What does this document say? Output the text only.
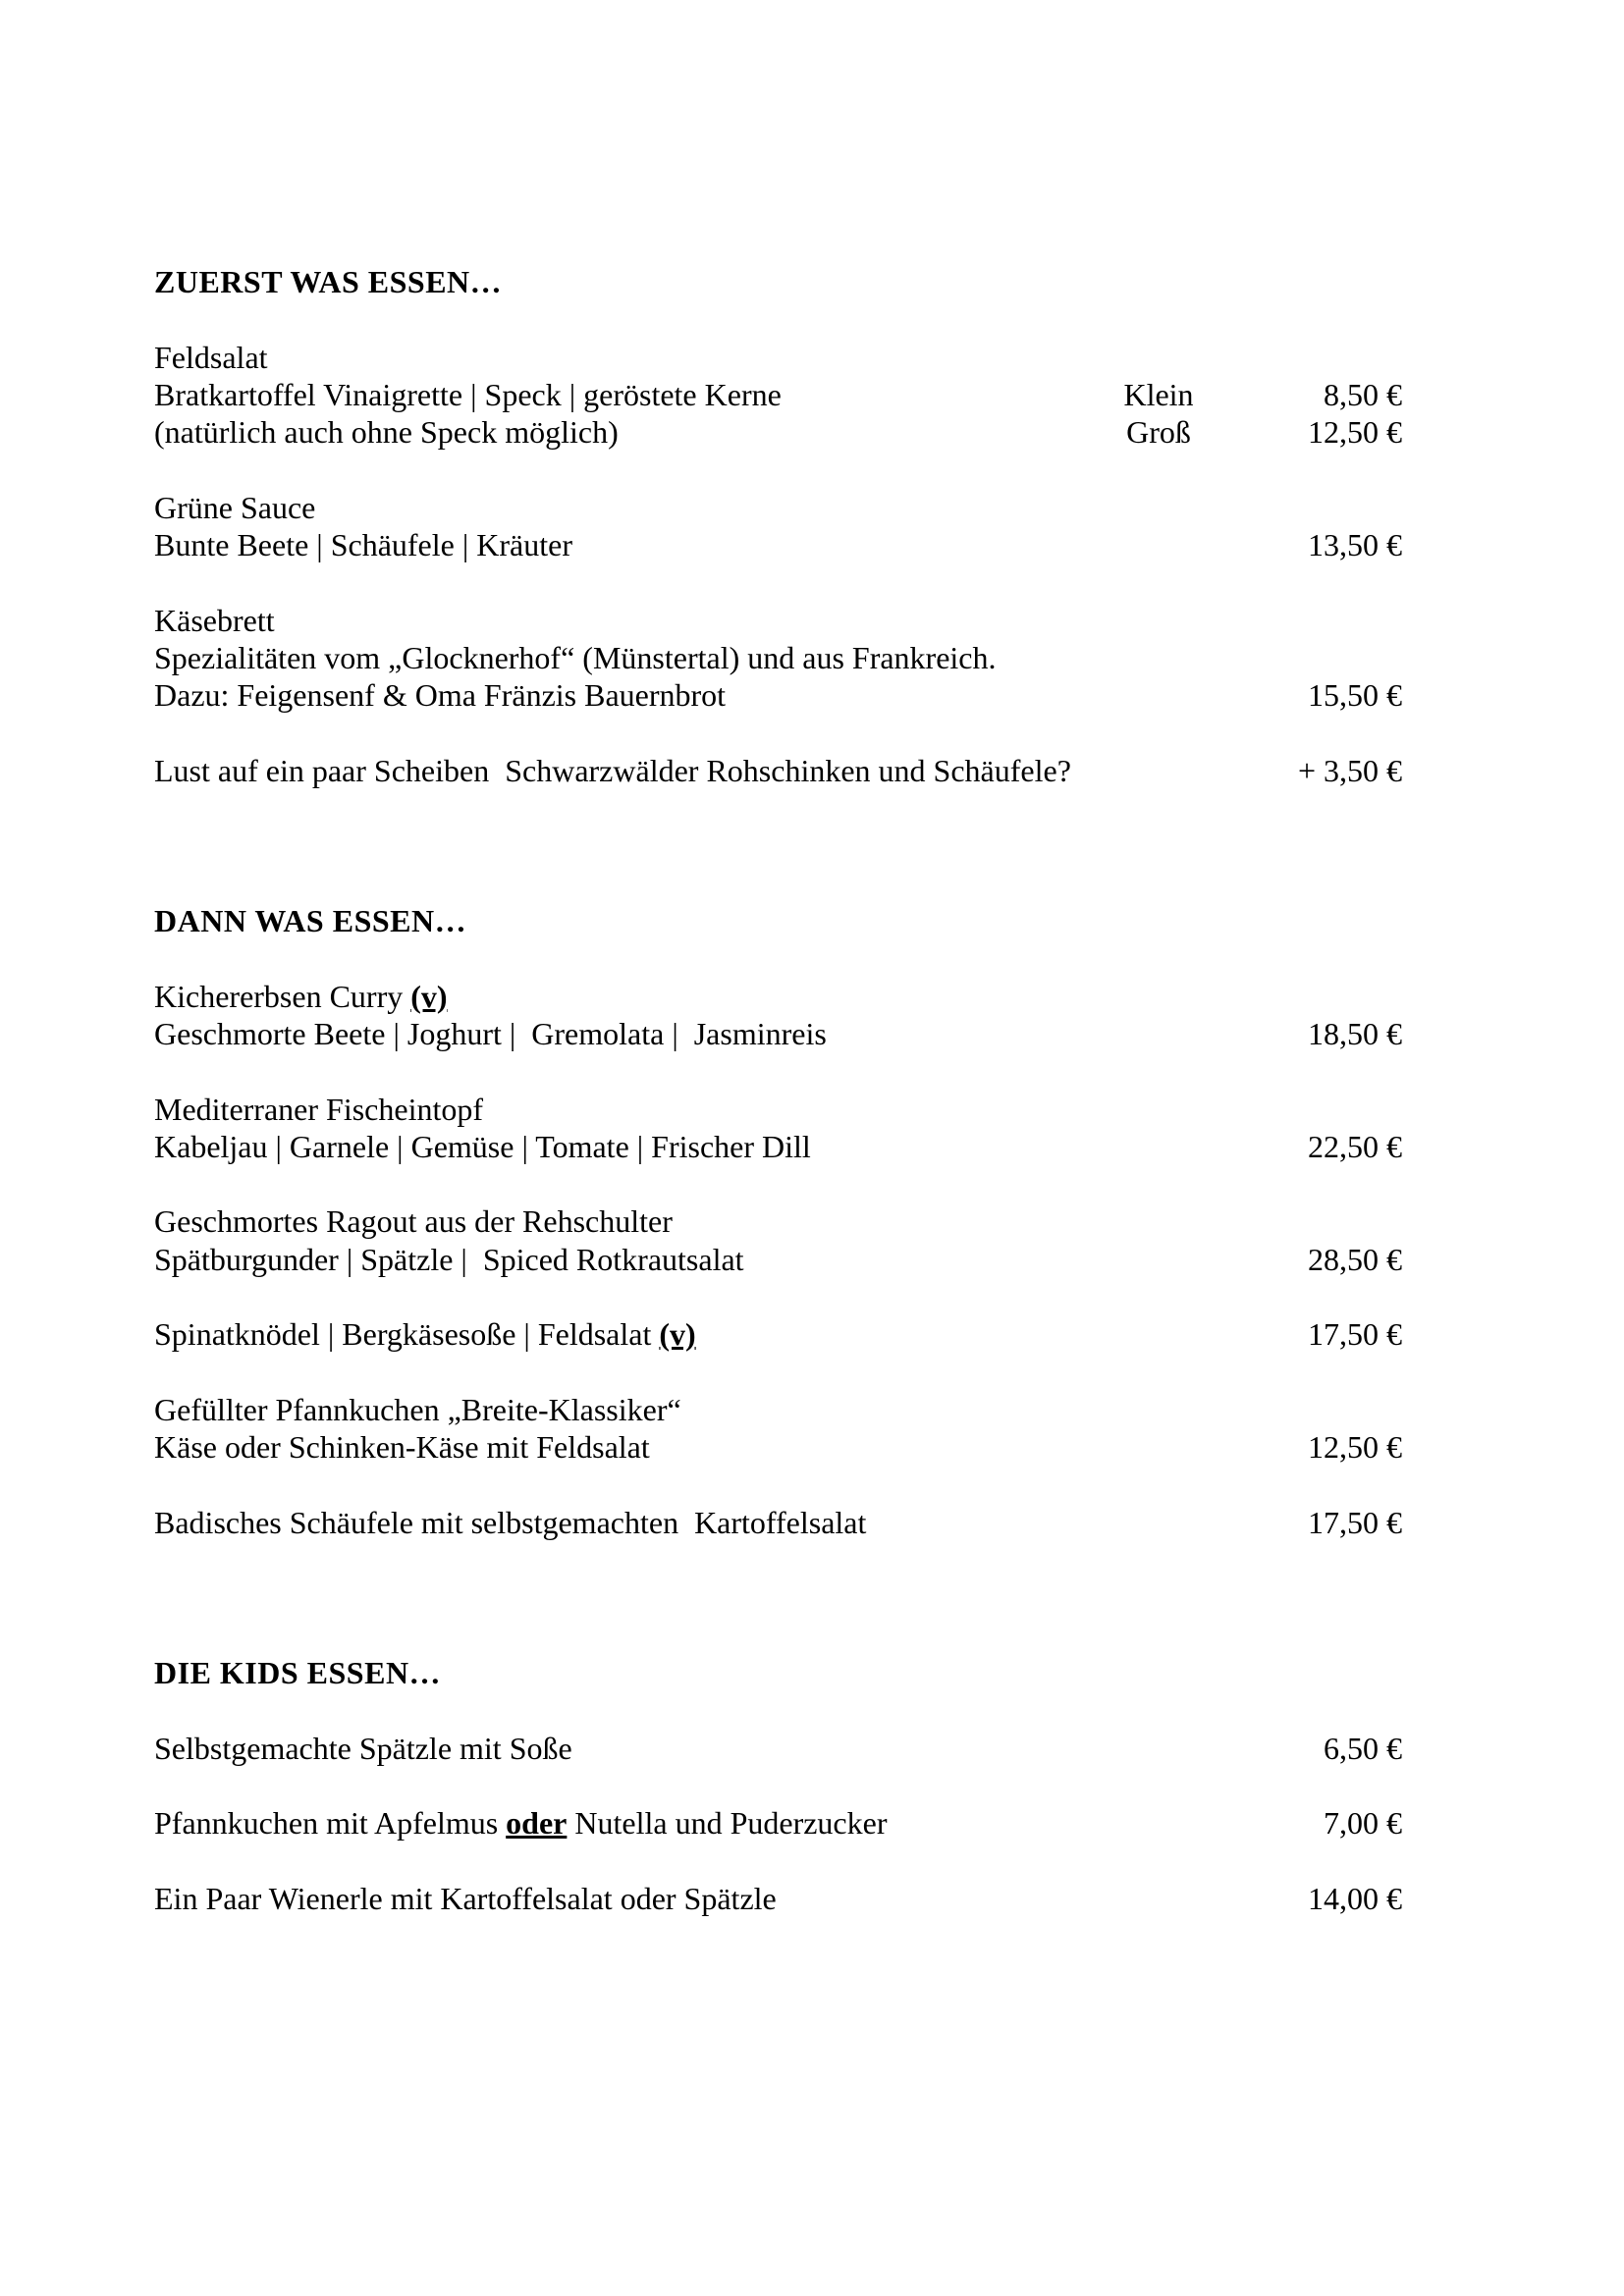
ZUERST WAS ESSEN…
Feldsalat
Bratkartoffel Vinaigrette | Speck | geröstete Kerne	Klein	8,50 €
(natürlich auch ohne Speck möglich)	Groß	12,50 €
Grüne Sauce
Bunte Beete | Schäufele | Kräuter	13,50 €
Käsebrett
Spezialitäten vom „Glocknerhof“ (Münstertal) und aus Frankreich.
Dazu: Feigensenf & Oma Fränzis Bauernbrot	15,50 €
Lust auf ein paar Scheiben  Schwarzwälder Rohschinken und Schäufele?	+ 3,50 €
DANN WAS ESSEN…
Kichererbsen Curry (v)
Geschmorte Beete | Joghurt |  Gremolata |  Jasminreis	18,50 €
Mediterraner Fischeintopf
Kabeljau | Garnele | Gemüse | Tomate | Frischer Dill	22,50 €
Geschmortes Ragout aus der Rehschulter
Spätburgunder | Spätzle |  Spiced Rotkrautsalat	28,50 €
Spinatknödel | Bergkäsesoße | Feldsalat (v)	17,50 €
Gefüllter Pfannkuchen „Breite-Klassiker“
Käse oder Schinken-Käse mit Feldsalat	12,50 €
Badisches Schäufele mit selbstgemachten  Kartoffelsalat	17,50 €
DIE KIDS ESSEN…
Selbstgemachte Spätzle mit Soße	6,50 €
Pfannkuchen mit Apfelmus oder Nutella und Puderzucker	7,00 €
Ein Paar Wienerle mit Kartoffelsalat oder Spätzle	14,00 €
